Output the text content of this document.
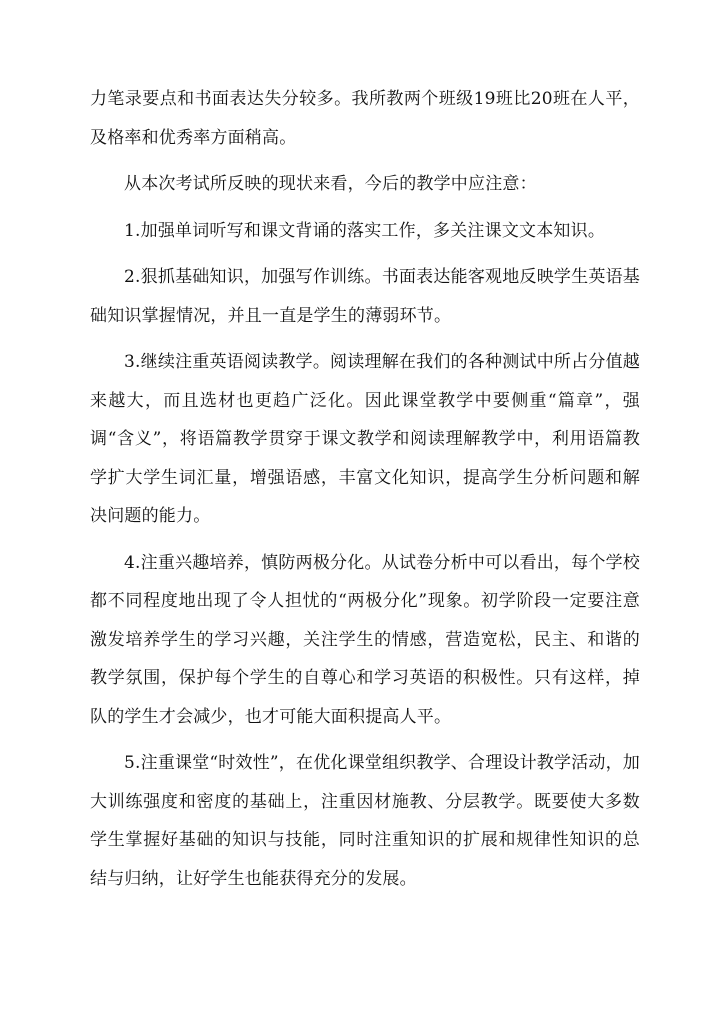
力笔录要点和书面表达失分较多。我所教两个班级19班比20班在人平，及格率和优秀率方面稍高。

从本次考试所反映的现状来看，今后的教学中应注意：

1.加强单词听写和课文背诵的落实工作，多关注课文文本知识。

2.狠抓基础知识，加强写作训练。书面表达能客观地反映学生英语基础知识掌握情况，并且一直是学生的薄弱环节。

3.继续注重英语阅读教学。阅读理解在我们的各种测试中所占分值越来越大，而且选材也更趋广泛化。因此课堂教学中要侧重“篇章”，强调“含义”，将语篇教学贯穿于课文教学和阅读理解教学中，利用语篇教学扩大学生词汇量，增强语感，丰富文化知识，提高学生分析问题和解决问题的能力。

4.注重兴趣培养，慎防两极分化。从试卷分析中可以看出，每个学校都不同程度地出现了令人担忧的“两极分化”现象。初学阶段一定要注意激发培养学生的学习兴趣，关注学生的情感，营造宽松，民主、和谐的教学氛围，保护每个学生的自尊心和学习英语的积极性。只有这样，掉队的学生才会减少，也才可能大面积提高人平。

5.注重课堂“时效性”，在优化课堂组织教学、合理设计教学活动，加大训练强度和密度的基础上，注重因材施教、分层教学。既要使大多数学生掌握好基础的知识与技能，同时注重知识的扩展和规律性知识的总结与归纳，让好学生也能获得充分的发展。
